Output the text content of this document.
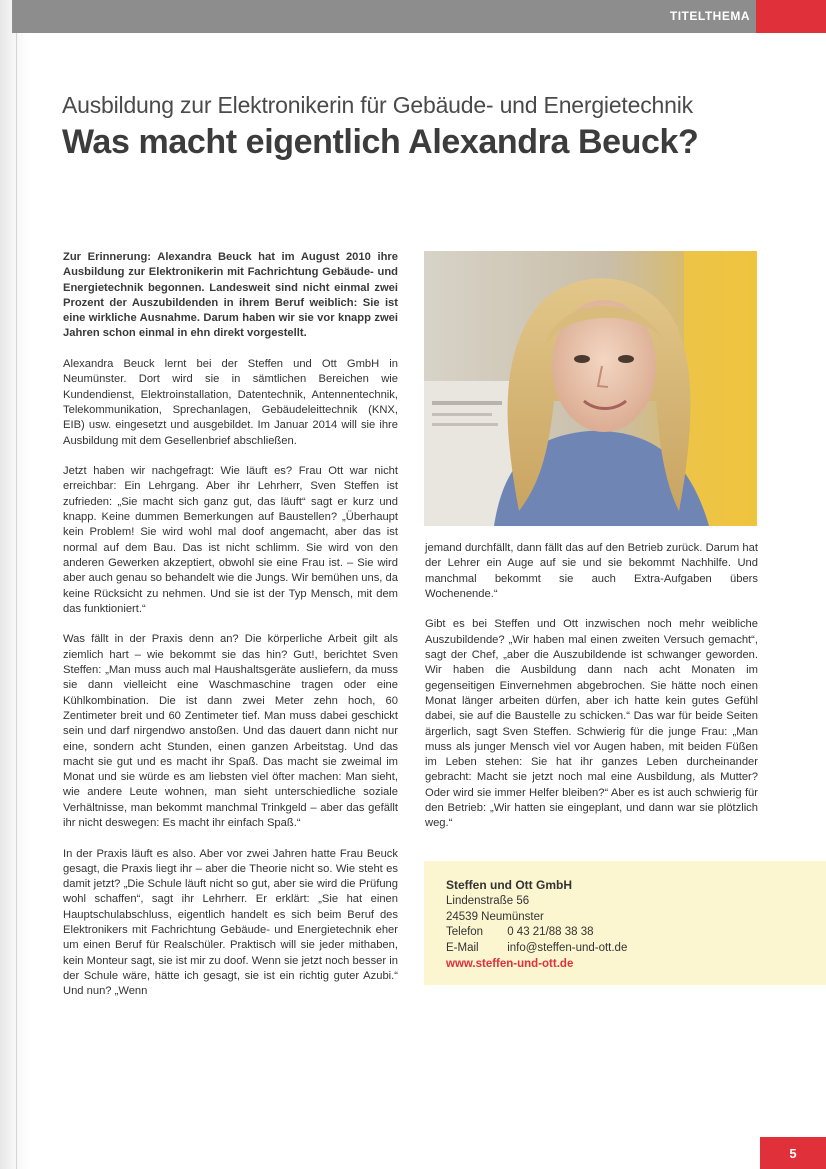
TITELTHEMA
Ausbildung zur Elektronikerin für Gebäude- und Energietechnik
Was macht eigentlich Alexandra Beuck?

Zur Erinnerung: Alexandra Beuck hat im August 2010 ihre Ausbildung zur Elektronikerin mit Fachrichtung Gebäude- und Energietechnik begonnen. Landesweit sind nicht einmal zwei Prozent der Auszubildenden in ihrem Beruf weiblich: Sie ist eine wirkliche Ausnahme. Darum haben wir sie vor knapp zwei Jahren schon einmal in ehn direkt vorgestellt.

Alexandra Beuck lernt bei der Steffen und Ott GmbH in Neumünster. Dort wird sie in sämtlichen Bereichen wie Kundendienst, Elektroinstallation, Datentechnik, Antennentechnik, Telekommunikation, Sprechanlagen, Gebäudeleittechnik (KNX, EIB) usw. eingesetzt und ausgebildet. Im Januar 2014 will sie ihre Ausbildung mit dem Gesellenbrief abschließen.

Jetzt haben wir nachgefragt: Wie läuft es? Frau Ott war nicht erreichbar: Ein Lehrgang. Aber ihr Lehrherr, Sven Steffen ist zufrieden: „Sie macht sich ganz gut, das läuft“ sagt er kurz und knapp. Keine dummen Bemerkungen auf Baustellen? „Überhaupt kein Problem! Sie wird wohl mal doof angemacht, aber das ist normal auf dem Bau. Das ist nicht schlimm. Sie wird von den anderen Gewerken akzeptiert, obwohl sie eine Frau ist. – Sie wird aber auch genau so behandelt wie die Jungs. Wir bemühen uns, da keine Rücksicht zu nehmen. Und sie ist der Typ Mensch, mit dem das funktioniert.“

Was fällt in der Praxis denn an? Die körperliche Arbeit gilt als ziemlich hart – wie bekommt sie das hin? Gut!, berichtet Sven Steffen: „Man muss auch mal Haushaltsgeräte ausliefern, da muss sie dann vielleicht eine Waschmaschine tragen oder eine Kühlkombination. Die ist dann zwei Meter zehn hoch, 60 Zentimeter breit und 60 Zentimeter tief. Man muss dabei geschickt sein und darf nirgendwo anstoßen. Und das dauert dann nicht nur eine, sondern acht Stunden, einen ganzen Arbeitstag. Und das macht sie gut und es macht ihr Spaß. Das macht sie zweimal im Monat und sie würde es am liebsten viel öfter machen: Man sieht, wie andere Leute wohnen, man sieht unterschiedliche soziale Verhältnisse, man bekommt manchmal Trinkgeld – aber das gefällt ihr nicht deswegen: Es macht ihr einfach Spaß.“

In der Praxis läuft es also. Aber vor zwei Jahren hatte Frau Beuck gesagt, die Praxis liegt ihr – aber die Theorie nicht so. Wie steht es damit jetzt? „Die Schule läuft nicht so gut, aber sie wird die Prüfung wohl schaffen“, sagt ihr Lehrherr. Er erklärt: „Sie hat einen Hauptschulabschluss, eigentlich handelt es sich beim Beruf des Elektronikers mit Fachrichtung Gebäude- und Energietechnik eher um einen Beruf für Realschüler. Praktisch will sie jeder mithaben, kein Monteur sagt, sie ist mir zu doof. Wenn sie jetzt noch besser in der Schule wäre, hätte ich gesagt, sie ist ein richtig guter Azubi.“ Und nun? „Wenn

jemand durchfällt, dann fällt das auf den Betrieb zurück. Darum hat der Lehrer ein Auge auf sie und sie bekommt Nachhilfe. Und manchmal bekommt sie auch Extra-Aufgaben übers Wochenende.“

Gibt es bei Steffen und Ott inzwischen noch mehr weibliche Auszubildende? „Wir haben mal einen zweiten Versuch gemacht“, sagt der Chef, „aber die Auszubildende ist schwanger geworden. Wir haben die Ausbildung dann nach acht Monaten im gegenseitigen Einvernehmen abgebrochen. Sie hätte noch einen Monat länger arbeiten dürfen, aber ich hatte kein gutes Gefühl dabei, sie auf die Baustelle zu schicken.“ Das war für beide Seiten ärgerlich, sagt Sven Steffen. Schwierig für die junge Frau: „Man muss als junger Mensch viel vor Augen haben, mit beiden Füßen im Leben stehen: Sie hat ihr ganzes Leben durcheinander gebracht: Macht sie jetzt noch mal eine Ausbildung, als Mutter? Oder wird sie immer Helfer bleiben?“ Aber es ist auch schwierig für den Betrieb: „Wir hatten sie eingeplant, und dann war sie plötzlich weg.“

Steffen und Ott GmbH
Lindenstraße 56
24539 Neumünster
Telefon 0 43 21/88 38 38
E-Mail info@steffen-und-ott.de
www.steffen-und-ott.de
5
